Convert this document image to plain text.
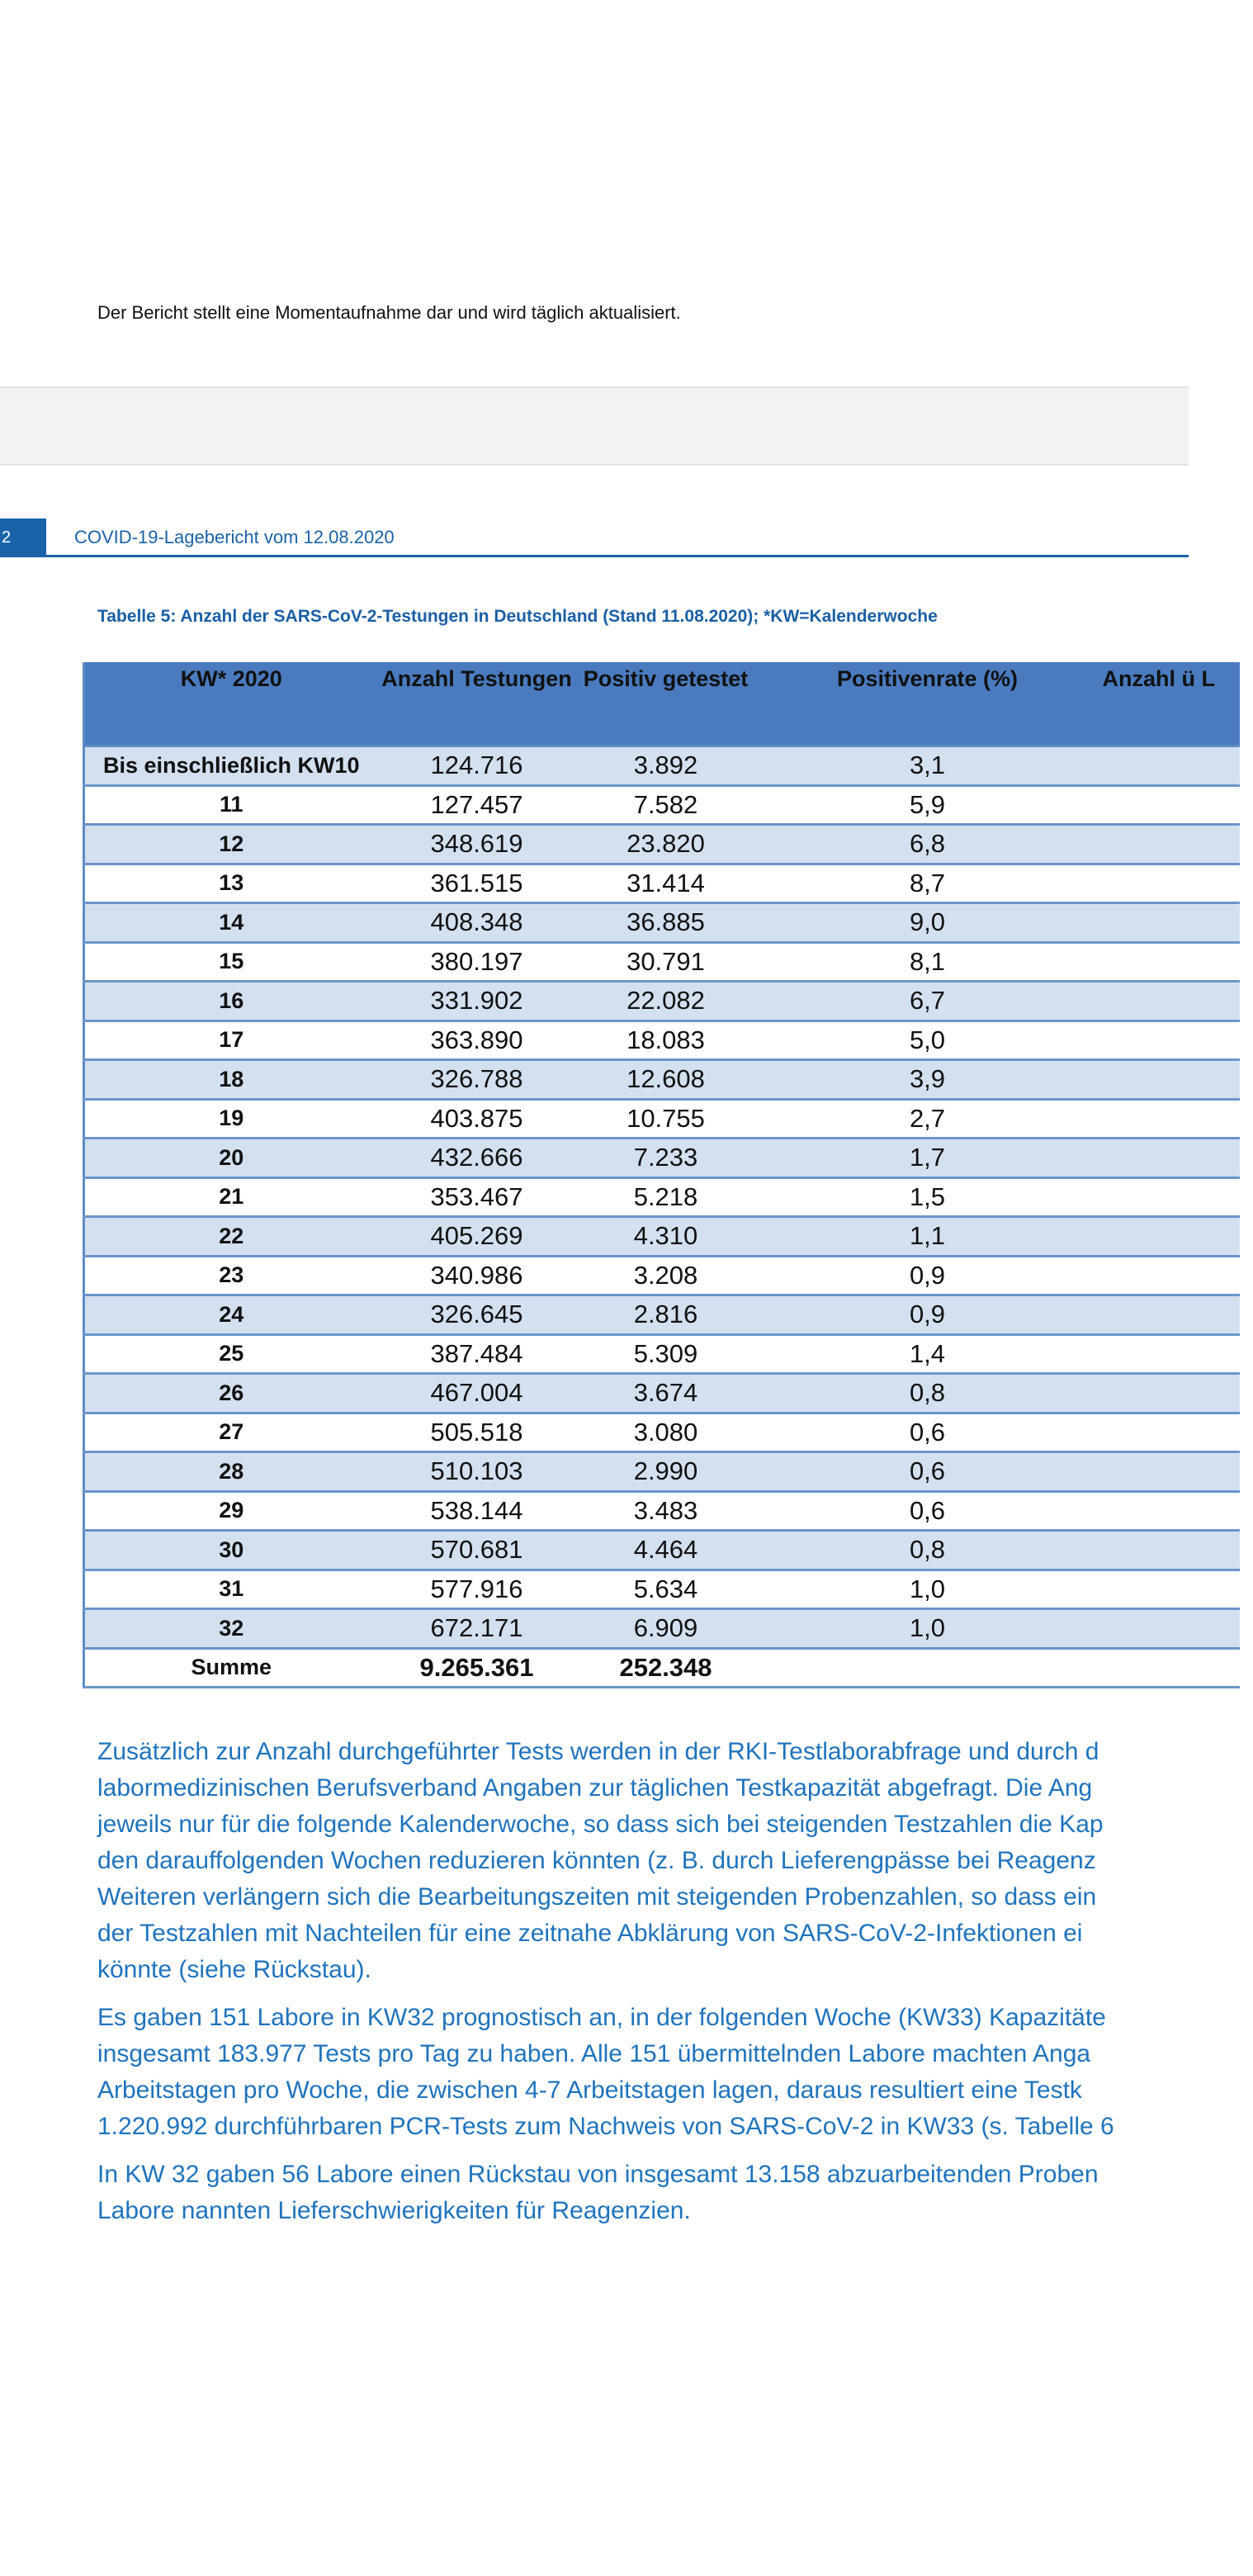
Der Bericht stellt eine Momentaufnahme dar und wird täglich aktualisiert.
2	COVID-19-Lagebericht vom 12.08.2020
Tabelle 5: Anzahl der SARS-CoV-2-Testungen in Deutschland (Stand 11.08.2020); *KW=Kalenderwoche
KW* 2020	Anzahl Testungen	Positiv getestet	Positivenrate (%)	Anzahl ü L

Bis einschließlich KW10	124.716	3.892	3,1	
11	127.457	7.582	5,9	
12	348.619	23.820	6,8	
13	361.515	31.414	8,7	
14	408.348	36.885	9,0	
15	380.197	30.791	8,1	
16	331.902	22.082	6,7	
17	363.890	18.083	5,0	
18	326.788	12.608	3,9	
19	403.875	10.755	2,7	
20	432.666	7.233	1,7	
21	353.467	5.218	1,5	
22	405.269	4.310	1,1	
23	340.986	3.208	0,9	
24	326.645	2.816	0,9	
25	387.484	5.309	1,4	
26	467.004	3.674	0,8	
27	505.518	3.080	0,6	
28	510.103	2.990	0,6	
29	538.144	3.483	0,6	
30	570.681	4.464	0,8	
31	577.916	5.634	1,0	
32	672.171	6.909	1,0	
Summe	9.265.361	252.348		

Zusätzlich zur Anzahl durchgeführter Tests werden in der RKI-Testlaborabfrage und durch d
labormedizinischen Berufsverband Angaben zur täglichen Testkapazität abgefragt. Die Ang
jeweils nur für die folgende Kalenderwoche, so dass sich bei steigenden Testzahlen die Kap
den darauffolgenden Wochen reduzieren könnten (z. B. durch Lieferengpässe bei Reagenz
Weiteren verlängern sich die Bearbeitungszeiten mit steigenden Probenzahlen, so dass ein
der Testzahlen mit Nachteilen für eine zeitnahe Abklärung von SARS-CoV-2-Infektionen ei
könnte (siehe Rückstau).

Es gaben 151 Labore in KW32 prognostisch an, in der folgenden Woche (KW33) Kapazitäte
insgesamt 183.977 Tests pro Tag zu haben. Alle 151 übermittelnden Labore machten Anga
Arbeitstagen pro Woche, die zwischen 4-7 Arbeitstagen lagen, daraus resultiert eine Testk
1.220.992 durchführbaren PCR-Tests zum Nachweis von SARS-CoV-2 in KW33 (s. Tabelle 6

In KW 32 gaben 56 Labore einen Rückstau von insgesamt 13.158 abzuarbeitenden Proben
Labore nannten Lieferschwierigkeiten für Reagenzien.
